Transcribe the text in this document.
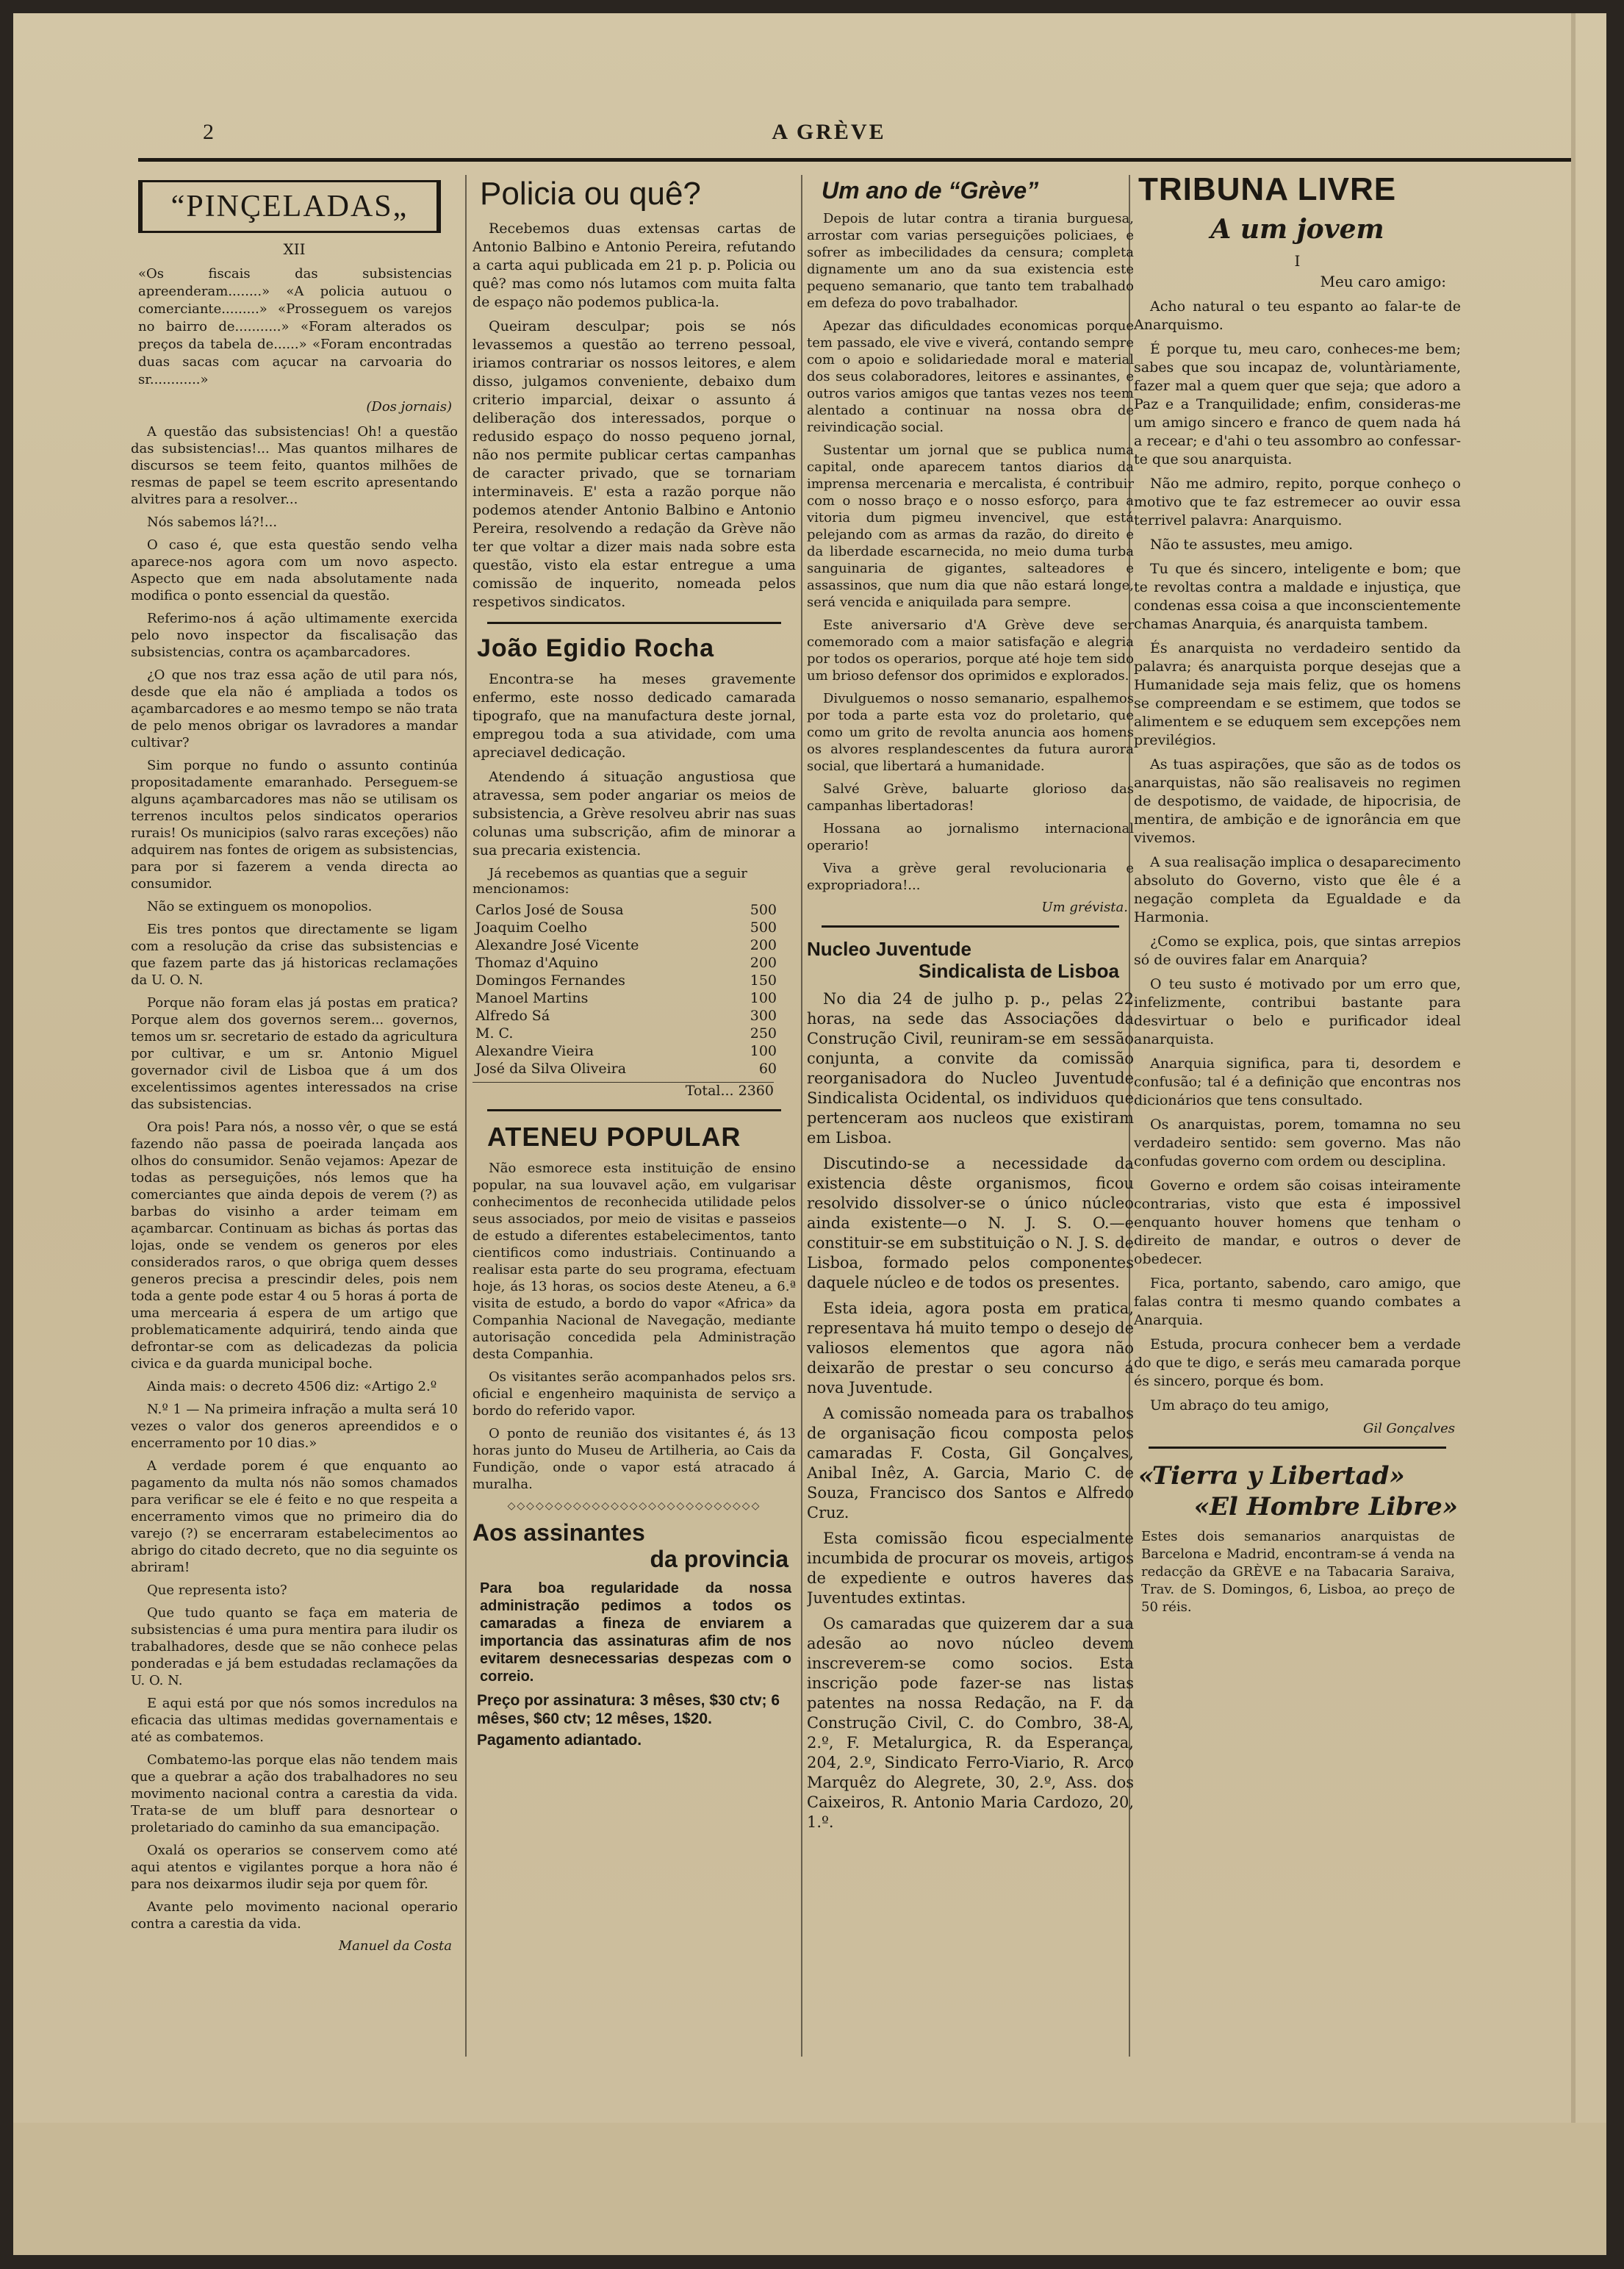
2	A GRÈVE
“PINÇELADAS„
XII
«Os fiscais das subsistencias apreenderam........» «A policia autuou o comerciante.........» «Prosseguem os varejos no bairro de...........» «Foram alterados os preços da tabela de......» «Foram encontradas duas sacas com açucar na carvoaria do sr............»
(Dos jornais)

A questão das subsistencias! Oh! a questão das subsistencias!... Mas quantos milhares de discursos se teem feito, quantos milhões de resmas de papel se teem escrito apresentando alvitres para a resolver...

Nós sabemos lá?!...

O caso é, que esta questão sendo velha aparece-nos agora com um novo aspecto. Aspecto que em nada absolutamente nada modifica o ponto essencial da questão.

Referimo-nos á ação ultimamente exercida pelo novo inspector da fiscalisação das subsistencias, contra os açambarcadores.

¿O que nos traz essa ação de util para nós, desde que ela não é ampliada a todos os açambarcadores e ao mesmo tempo se não trata de pelo menos obrigar os lavradores a mandar cultivar?

Sim porque no fundo o assunto continúa propositadamente emaranhado. Perseguem-se alguns açambarcadores mas não se utilisam os terrenos incultos pelos sindicatos operarios rurais! Os municipios (salvo raras exceções) não adquirem nas fontes de origem as subsistencias, para por si fazerem a venda directa ao consumidor.

Não se extinguem os monopolios.

Eis tres pontos que directamente se ligam com a resolução da crise das subsistencias e que fazem parte das já historicas reclamações da U. O. N.

Porque não foram elas já postas em pratica? Porque alem dos governos serem... governos, temos um sr. secretario de estado da agricultura por cultivar, e um sr. Antonio Miguel governador civil de Lisboa que á um dos excelentissimos agentes interessados na crise das subsistencias.

Ora pois! Para nós, a nosso vêr, o que se está fazendo não passa de poeirada lançada aos olhos do consumidor. Senão vejamos: Apezar de todas as perseguições, nós lemos que ha comerciantes que ainda depois de verem (?) as barbas do visinho a arder teimam em açambarcar. Continuam as bichas ás portas das lojas, onde se vendem os generos por eles considerados raros, o que obriga quem desses generos precisa a prescindir deles, pois nem toda a gente pode estar 4 ou 5 horas á porta de uma mercearia á espera de um artigo que problematicamente adquirirá, tendo ainda que defrontar-se com as delicadezas da policia civica e da guarda municipal boche.

Ainda mais: o decreto 4506 diz: «Artigo 2.º

N.º 1 — Na primeira infração a multa será 10 vezes o valor dos generos apreendidos e o encerramento por 10 dias.»

A verdade porem é que enquanto ao pagamento da multa nós não somos chamados para verificar se ele é feito e no que respeita a encerramento vimos que no primeiro dia do varejo (?) se encerraram estabelecimentos ao abrigo do citado decreto, que no dia seguinte os abriram!

Que representa isto?

Que tudo quanto se faça em materia de subsistencias é uma pura mentira para iludir os trabalhadores, desde que se não conhece pelas ponderadas e já bem estudadas reclamações da U. O. N.

E aqui está por que nós somos incredulos na eficacia das ultimas medidas governamentais e até as combatemos.

Combatemo-las porque elas não tendem mais que a quebrar a ação dos trabalhadores no seu movimento nacional contra a carestia da vida. Trata-se de um bluff para desnortear o proletariado do caminho da sua emancipação.

Oxalá os operarios se conservem como até aqui atentos e vigilantes porque a hora não é para nos deixarmos iludir seja por quem fôr.

Avante pelo movimento nacional operario contra a carestia da vida.

Manuel da Costa
Policia ou quê?

Recebemos duas extensas cartas de Antonio Balbino e Antonio Pereira, refutando a carta aqui publicada em 21 p. p. Policia ou quê? mas como nós lutamos com muita falta de espaço não podemos publica-la.

Queiram desculpar; pois se nós levassemos a questão ao terreno pessoal, iriamos contrariar os nossos leitores, e alem disso, julgamos conveniente, debaixo dum criterio imparcial, deixar o assunto á deliberação dos interessados, porque o redusido espaço do nosso pequeno jornal, não nos permite publicar certas campanhas de caracter privado, que se tornariam interminaveis. E' esta a razão porque não podemos atender Antonio Balbino e Antonio Pereira, resolvendo a redação da Grève não ter que voltar a dizer mais nada sobre esta questão, visto ela estar entregue a uma comissão de inquerito, nomeada pelos respetivos sindicatos.

João Egidio Rocha

Encontra-se ha meses gravemente enfermo, este nosso dedicado camarada tipografo, que na manufactura deste jornal, empregou toda a sua atividade, com uma apreciavel dedicação.

Atendendo á situação angustiosa que atravessa, sem poder angariar os meios de subsistencia, a Grève resolveu abrir nas suas colunas uma subscrição, afim de minorar a sua precaria existencia.

Já recebemos as quantias que a seguir mencionamos:
Carlos José de Sousa	500
Joaquim Coelho	500
Alexandre José Vicente	200
Thomaz d'Aquino	200
Domingos Fernandes	150
Manoel Martins	100
Alfredo Sá	300
M. C.	250
Alexandre Vieira	100
José da Silva Oliveira	60
Total... 2360
ATENEU POPULAR

Não esmorece esta instituição de ensino popular, na sua louvavel ação, em vulgarisar conhecimentos de reconhecida utilidade pelos seus associados, por meio de visitas e passeios de estudo a diferentes estabelecimentos, tanto cientificos como industriais. Continuando a realisar esta parte do seu programa, efectuam hoje, ás 13 horas, os socios deste Ateneu, a 6.ª visita de estudo, a bordo do vapor «Africa» da Companhia Nacional de Navegação, mediante autorisação concedida pela Administração desta Companhia.

Os visitantes serão acompanhados pelos srs. oficial e engenheiro maquinista de serviço a bordo do referido vapor.

O ponto de reunião dos visitantes é, ás 13 horas junto do Museu de Artilheria, ao Cais da Fundição, onde o vapor está atracado á muralha.

◇◇◇◇◇◇◇◇◇◇◇◇◇◇◇◇◇◇◇◇◇◇◇◇◇◇◇
Aos assinantes
da provincia
Para boa regularidade da nossa administração pedimos a todos os camaradas a fineza de enviarem a importancia das assinaturas afim de nos evitarem desnecessarias despezas com o correio.
Preço por assinatura: 3 mêses, $30 ctv; 6 mêses, $60 ctv; 12 mêses, 1$20.
Pagamento adiantado.
Um ano de “Grève”

Depois de lutar contra a tirania burguesa, arrostar com varias perseguições policiaes, e sofrer as imbecilidades da censura; completa dignamente um ano da sua existencia este pequeno semanario, que tanto tem trabalhado em defeza do povo trabalhador.

Apezar das dificuldades economicas porque tem passado, ele vive e viverá, contando sempre com o apoio e solidariedade moral e material dos seus colaboradores, leitores e assinantes, e outros varios amigos que tantas vezes nos teem alentado a continuar na nossa obra de reivindicação social.

Sustentar um jornal que se publica numa capital, onde aparecem tantos diarios da imprensa mercenaria e mercalista, é contribuir com o nosso braço e o nosso esforço, para a vitoria dum pigmeu invencivel, que está pelejando com as armas da razão, do direito e da liberdade escarnecida, no meio duma turba sanguinaria de gigantes, salteadores e assassinos, que num dia que não estará longe, será vencida e aniquilada para sempre.

Este aniversario d'A Grève deve ser comemorado com a maior satisfação e alegria por todos os operarios, porque até hoje tem sido um brioso defensor dos oprimidos e explorados.

Divulguemos o nosso semanario, espalhemos por toda a parte esta voz do proletario, que como um grito de revolta anuncia aos homens os alvores resplandescentes da futura aurora social, que libertará a humanidade.

Salvé Grève, baluarte glorioso das campanhas libertadoras!

Hossana ao jornalismo internacional operario!

Viva a grève geral revolucionaria e expropriadora!...

Um grévista.
Nucleo Juventude
Sindicalista de Lisboa

No dia 24 de julho p. p., pelas 22 horas, na sede das Associações da Construção Civil, reuniram-se em sessão conjunta, a convite da comissão reorganisadora do Nucleo Juventude Sindicalista Ocidental, os individuos que pertenceram aos nucleos que existiram em Lisboa.

Discutindo-se a necessidade da existencia dêste organismos, ficou resolvido dissolver-se o único núcleo ainda existente—o N. J. S. O.—e constituir-se em substituição o N. J. S. de Lisboa, formado pelos componentes daquele núcleo e de todos os presentes.

Esta ideia, agora posta em pratica, representava há muito tempo o desejo de valiosos elementos que agora não deixarão de prestar o seu concurso á nova Juventude.

A comissão nomeada para os trabalhos de organisação ficou composta pelos camaradas F. Costa, Gil Gonçalves, Anibal Inêz, A. Garcia, Mario C. de Souza, Francisco dos Santos e Alfredo Cruz.

Esta comissão ficou especialmente incumbida de procurar os moveis, artigos de expediente e outros haveres das Juventudes extintas.

Os camaradas que quizerem dar a sua adesão ao novo núcleo devem inscreverem-se como socios. Esta inscrição pode fazer-se nas listas patentes na nossa Redação, na F. da Construção Civil, C. do Combro, 38-A, 2.º, F. Metalurgica, R. da Esperança, 204, 2.º, Sindicato Ferro-Viario, R. Arco Marquêz do Alegrete, 30, 2.º, Ass. dos Caixeiros, R. Antonio Maria Cardozo, 20, 1.º.

TRIBUNA LIVRE
A um jovem
I
Meu caro amigo:

Acho natural o teu espanto ao falar-te de Anarquismo.

É porque tu, meu caro, conheces-me bem; sabes que sou incapaz de, voluntàriamente, fazer mal a quem quer que seja; que adoro a Paz e a Tranquilidade; enfim, consideras-me um amigo sincero e franco de quem nada há a recear; e d'ahi o teu assombro ao confessar-te que sou anarquista.

Não me admiro, repito, porque conheço o motivo que te faz estremecer ao ouvir essa terrivel palavra: Anarquismo.

Não te assustes, meu amigo.

Tu que és sincero, inteligente e bom; que te revoltas contra a maldade e injustiça, que condenas essa coisa a que inconscientemente chamas Anarquia, és anarquista tambem.

És anarquista no verdadeiro sentido da palavra; és anarquista porque desejas que a Humanidade seja mais feliz, que os homens se compreendam e se estimem, que todos se alimentem e se eduquem sem excepções nem previlégios.

As tuas aspirações, que são as de todos os anarquistas, não são realisaveis no regimen de despotismo, de vaidade, de hipocrisia, de mentira, de ambição e de ignorância em que vivemos.

A sua realisação implica o desaparecimento absoluto do Governo, visto que êle é a negação completa da Egualdade e da Harmonia.

¿Como se explica, pois, que sintas arrepios só de ouvires falar em Anarquia?

O teu susto é motivado por um erro que, infelizmente, contribui bastante para desvirtuar o belo e purificador ideal anarquista.

Anarquia significa, para ti, desordem e confusão; tal é a definição que encontras nos dicionários que tens consultado.

Os anarquistas, porem, tomamna no seu verdadeiro sentido: sem governo. Mas não confudas governo com ordem ou desciplina.

Governo e ordem são coisas inteiramente contrarias, visto que esta é impossivel enquanto houver homens que tenham o direito de mandar, e outros o dever de obedecer.

Fica, portanto, sabendo, caro amigo, que falas contra ti mesmo quando combates a Anarquia.

Estuda, procura conhecer bem a verdade do que te digo, e serás meu camarada porque és sincero, porque és bom.

Um abraço do teu amigo,

Gil Gonçalves
«Tierra y Libertad»
«El Hombre Libre»
Estes dois semanarios anarquistas de Barcelona e Madrid, encontram-se á venda na redacção da GRÈVE e na Tabacaria Saraiva, Trav. de S. Domingos, 6, Lisboa, ao preço de 50 réis.
